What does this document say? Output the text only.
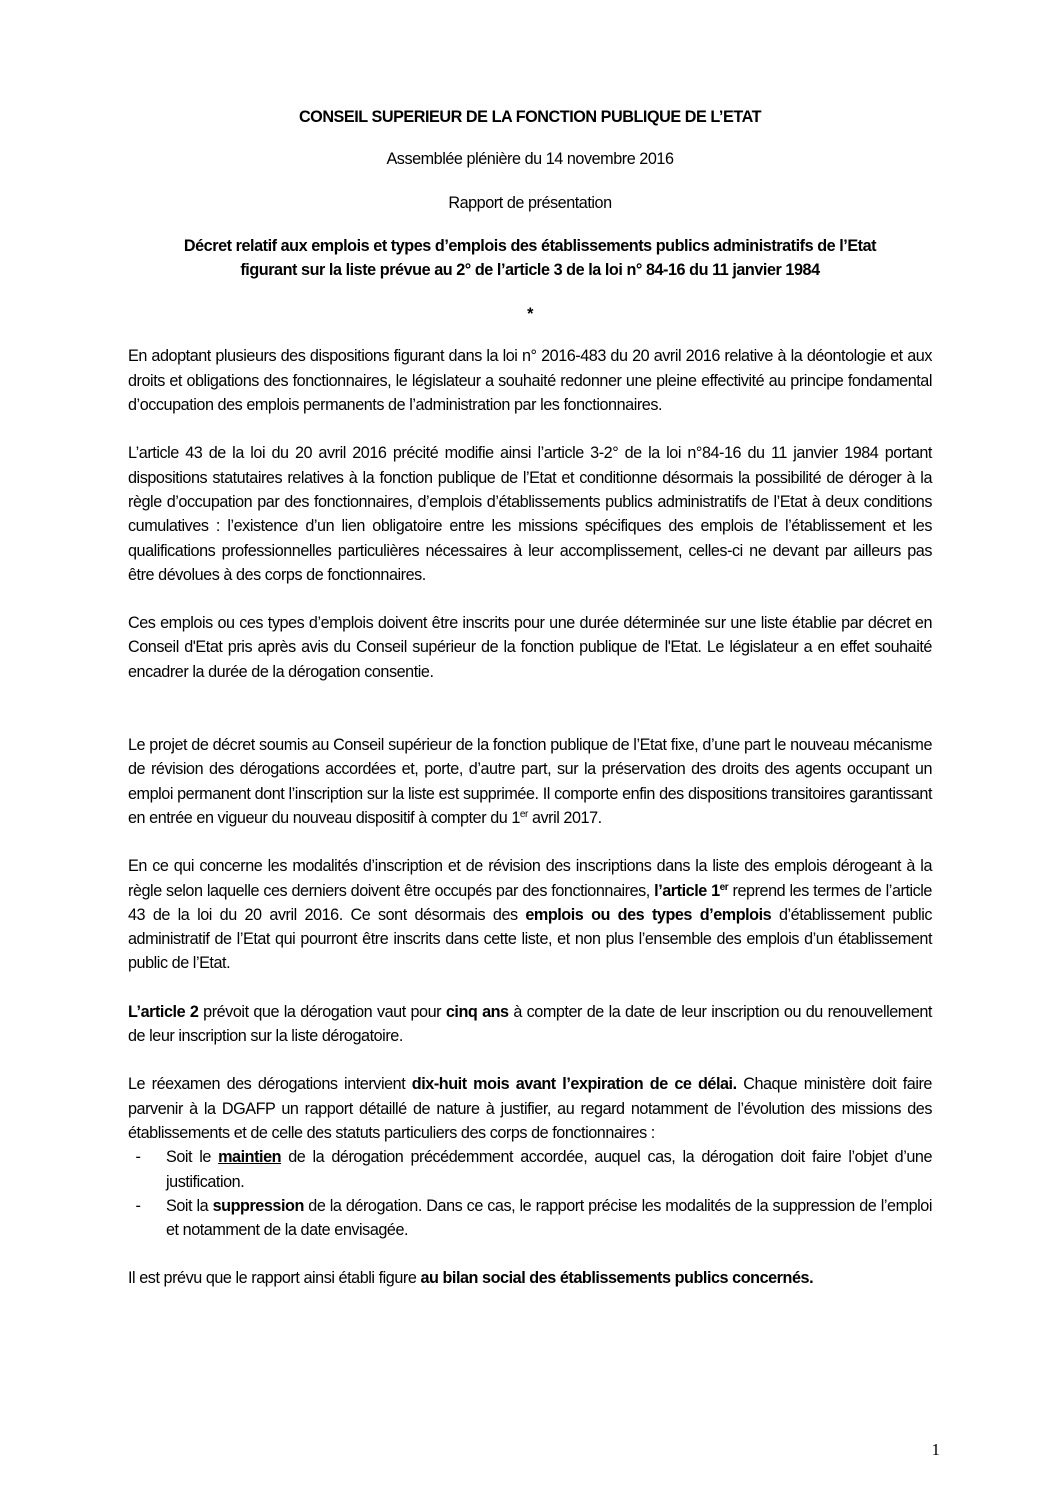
CONSEIL SUPERIEUR DE LA FONCTION PUBLIQUE DE L’ETAT

Assemblée plénière du 14 novembre 2016

Rapport de présentation

Décret relatif aux emplois et types d’emplois des établissements publics administratifs de l’Etat
figurant sur la liste prévue au 2° de l’article 3 de la loi n° 84-16 du 11 janvier 1984
*

En adoptant plusieurs des dispositions figurant dans la loi n° 2016-483 du 20 avril 2016 relative à la déontologie et aux droits et obligations des fonctionnaires, le législateur a souhaité redonner une pleine effectivité au principe fondamental d’occupation des emplois permanents de l’administration par les fonctionnaires.

L’article 43 de la loi du 20 avril 2016 précité modifie ainsi l’article 3-2° de la loi n°84-16 du 11 janvier 1984 portant dispositions statutaires relatives à la fonction publique de l’Etat et conditionne désormais la possibilité de déroger à la règle d’occupation par des fonctionnaires, d’emplois d’établissements publics administratifs de l’Etat à deux conditions cumulatives : l’existence d’un lien obligatoire entre les missions spécifiques des emplois de l’établissement et les qualifications professionnelles particulières nécessaires à leur accomplissement, celles-ci ne devant par ailleurs pas être dévolues à des corps de fonctionnaires.

Ces emplois ou ces types d’emplois doivent être inscrits pour une durée déterminée sur une liste établie par décret en Conseil d'Etat pris après avis du Conseil supérieur de la fonction publique de l'Etat. Le législateur a en effet souhaité encadrer la durée de la dérogation consentie.

Le projet de décret soumis au Conseil supérieur de la fonction publique de l’Etat fixe, d’une part le nouveau mécanisme de révision des dérogations accordées et, porte, d’autre part, sur la préservation des droits des agents occupant un emploi permanent dont l’inscription sur la liste est supprimée. Il comporte enfin des dispositions transitoires garantissant en entrée en vigueur du nouveau dispositif à compter du 1er avril 2017.

En ce qui concerne les modalités d’inscription et de révision des inscriptions dans la liste des emplois dérogeant à la règle selon laquelle ces derniers doivent être occupés par des fonctionnaires, l’article 1er reprend les termes de l’article 43 de la loi du 20 avril 2016. Ce sont désormais des emplois ou des types d’emplois d’établissement public administratif de l’Etat qui pourront être inscrits dans cette liste, et non plus l’ensemble des emplois d’un établissement public de l’Etat.

L’article 2 prévoit que la dérogation vaut pour cinq ans à compter de la date de leur inscription ou du renouvellement de leur inscription sur la liste dérogatoire.

Le réexamen des dérogations intervient dix-huit mois avant l’expiration de ce délai. Chaque ministère doit faire parvenir à la DGAFP un rapport détaillé de nature à justifier, au regard notamment de l’évolution des missions des établissements et de celle des statuts particuliers des corps de fonctionnaires :

-	Soit le maintien de la dérogation précédemment accordée, auquel cas, la dérogation doit faire l’objet d’une justification.
-	Soit la suppression de la dérogation. Dans ce cas, le rapport précise les modalités de la suppression de l’emploi et notamment de la date envisagée.

Il est prévu que le rapport ainsi établi figure au bilan social des établissements publics concernés.

1
